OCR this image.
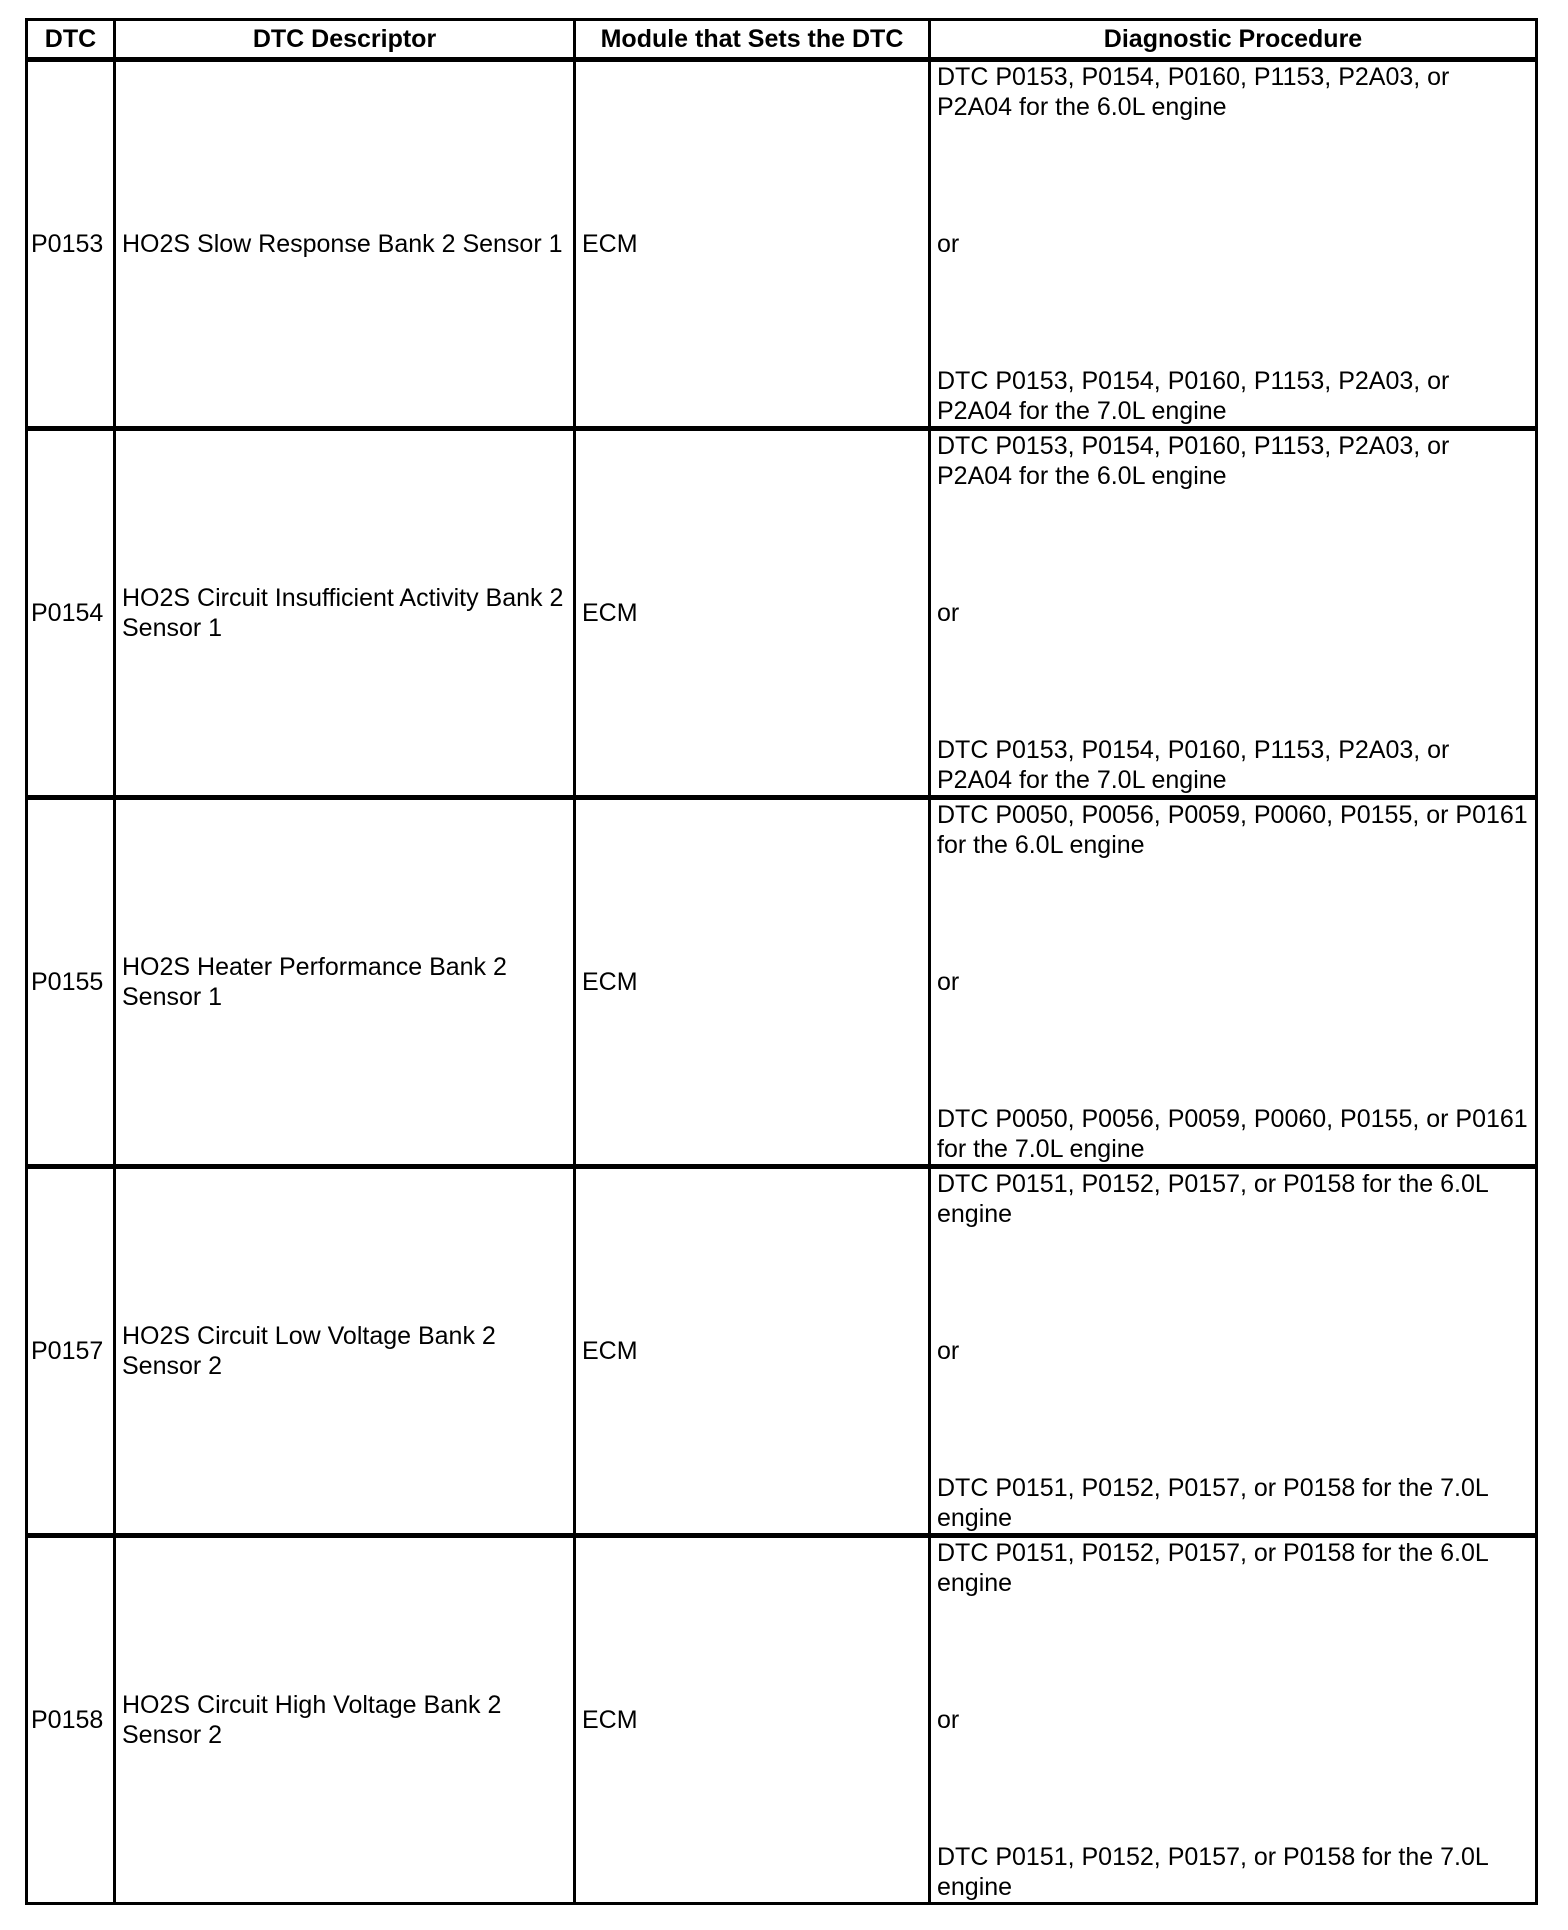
DTC	DTC Descriptor	Module that Sets the DTC	Diagnostic Procedure
P0153	HO2S Slow Response Bank 2 Sensor 1	ECM	DTC P0153, P0154, P0160, P1153, P2A03, or P2A04 for the 6.0L engine
or
DTC P0153, P0154, P0160, P1153, P2A03, or P2A04 for the 7.0L engine

P0154	HO2S Circuit Insufficient Activity Bank 2 Sensor 1	ECM	DTC P0153, P0154, P0160, P1153, P2A03, or P2A04 for the 6.0L engine
or
DTC P0153, P0154, P0160, P1153, P2A03, or P2A04 for the 7.0L engine

P0155	HO2S Heater Performance Bank 2 Sensor 1	ECM	DTC P0050, P0056, P0059, P0060, P0155, or P0161 for the 6.0L engine
or
DTC P0050, P0056, P0059, P0060, P0155, or P0161 for the 7.0L engine

P0157	HO2S Circuit Low Voltage Bank 2 Sensor 2	ECM	DTC P0151, P0152, P0157, or P0158 for the 6.0L engine
or
DTC P0151, P0152, P0157, or P0158 for the 7.0L engine

P0158	HO2S Circuit High Voltage Bank 2 Sensor 2	ECM	DTC P0151, P0152, P0157, or P0158 for the 6.0L engine
or
DTC P0151, P0152, P0157, or P0158 for the 7.0L engine
